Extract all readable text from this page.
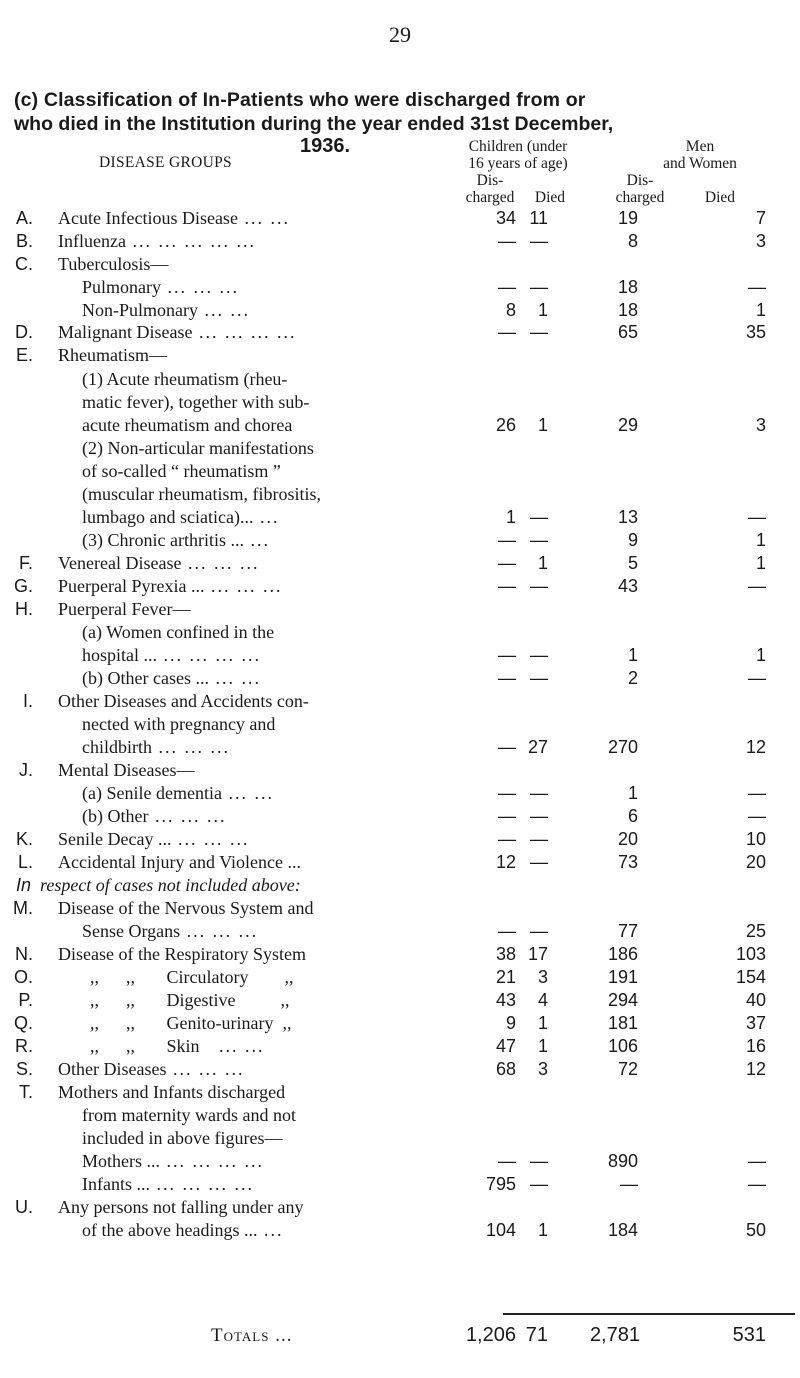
29
(c) Classification of In-Patients who were discharged from or
who died in the Institution during the year ended 31st December,
1936.
DISEASE GROUPS
Children (under
16 years of age)
Men
and Women
Dis-
charged	Died
Dis-
charged	Died
A. Acute Infectious Disease ... ...	34 11	19	7
B. Influenza ... ... ... ... ...	— —	8	3
C. Tuberculosis—
Pulmonary ... ... ...	— —	18	—
Non-Pulmonary ... ...	8	1	18	1
D. Malignant Disease ... ... ... ...	— —	65	35
E. Rheumatism—
(1) Acute rheumatism (rheu-
matic fever), together with sub-
acute rheumatism and chorea	26	1	29	3
(2) Non-articular manifestations
of so-called “ rheumatism ”
(muscular rheumatism, fibrositis,
lumbago and sciatica)... ...	1 —	13	—
(3) Chronic arthritis ... ...	— —	9	1
F. Venereal Disease ... ... ...	—	1	5	1
G. Puerperal Pyrexia ... ... ... ...	— —	43	—
H. Puerperal Fever—
(a) Women confined in the
hospital ... ... ... ... ...	— —	1	1
(b) Other cases ... ... ...	— —	2	—
I. Other Diseases and Accidents con-
nected with pregnancy and
childbirth ... ... ...	— 27	270	12
J. Mental Diseases—
(a) Senile dementia ... ...	— —	1	—
(b) Other ... ... ...	— —	6	—
K. Senile Decay ... ... ... ...	— —	20	10
L. Accidental Injury and Violence ...	12 —	73	20
In respect of cases not included above:
M. Disease of the Nervous System and
Sense Organs ... ... ...	— —	77	25
N. Disease of the Respiratory System	38 17	186	103
O.	,,      ,,       Circulatory        ,,	21	3	191	154
P.	,,      ,,       Digestive          ,,	43	4	294	40
Q.	,,      ,,       Genito-urinary  ,,	9	1	181	37
R.	,,      ,,       Skin   ... ...	47	1	106	16
S. Other Diseases ... ... ...	68	3	72	12
T. Mothers and Infants discharged
from maternity wards and not
included in above figures—
Mothers ... ... ... ... ...	— —	890	—
Infants ... ... ... ... ...	795 —	—	—
U. Any persons not falling under any
of the above headings ... ...	104	1	184	50
Totals ...	1,206 71	2,781	531
